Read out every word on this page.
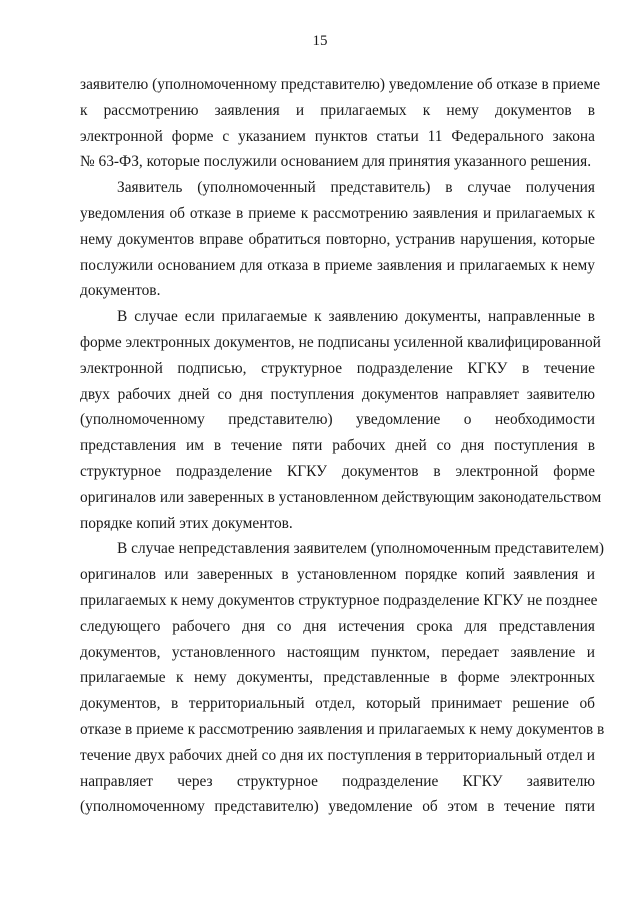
15
заявителю (уполномоченному представителю) уведомление об отказе в приеме
к рассмотрению заявления и прилагаемых к нему документов в
электронной форме с указанием пунктов статьи 11 Федерального закона
№ 63-ФЗ, которые послужили основанием для принятия указанного решения.
Заявитель (уполномоченный представитель) в случае получения
уведомления об отказе в приеме к рассмотрению заявления и прилагаемых к
нему документов вправе обратиться повторно, устранив нарушения, которые
послужили основанием для отказа в приеме заявления и прилагаемых к нему
документов.
В случае если прилагаемые к заявлению документы, направленные в
форме электронных документов, не подписаны усиленной квалифицированной
электронной подписью, структурное подразделение КГКУ в течение
двух рабочих дней со дня поступления документов направляет заявителю
(уполномоченному представителю) уведомление о необходимости
представления им в течение пяти рабочих дней со дня поступления в
структурное подразделение КГКУ документов в электронной форме
оригиналов или заверенных в установленном действующим законодательством
порядке копий этих документов.
В случае непредставления заявителем (уполномоченным представителем)
оригиналов или заверенных в установленном порядке копий заявления и
прилагаемых к нему документов структурное подразделение КГКУ не позднее
следующего рабочего дня со дня истечения срока для представления
документов, установленного настоящим пунктом, передает заявление и
прилагаемые к нему документы, представленные в форме электронных
документов, в территориальный отдел, который принимает решение об
отказе в приеме к рассмотрению заявления и прилагаемых к нему документов в
течение двух рабочих дней со дня их поступления в территориальный отдел и
направляет через структурное подразделение КГКУ заявителю
(уполномоченному представителю) уведомление об этом в течение пяти
